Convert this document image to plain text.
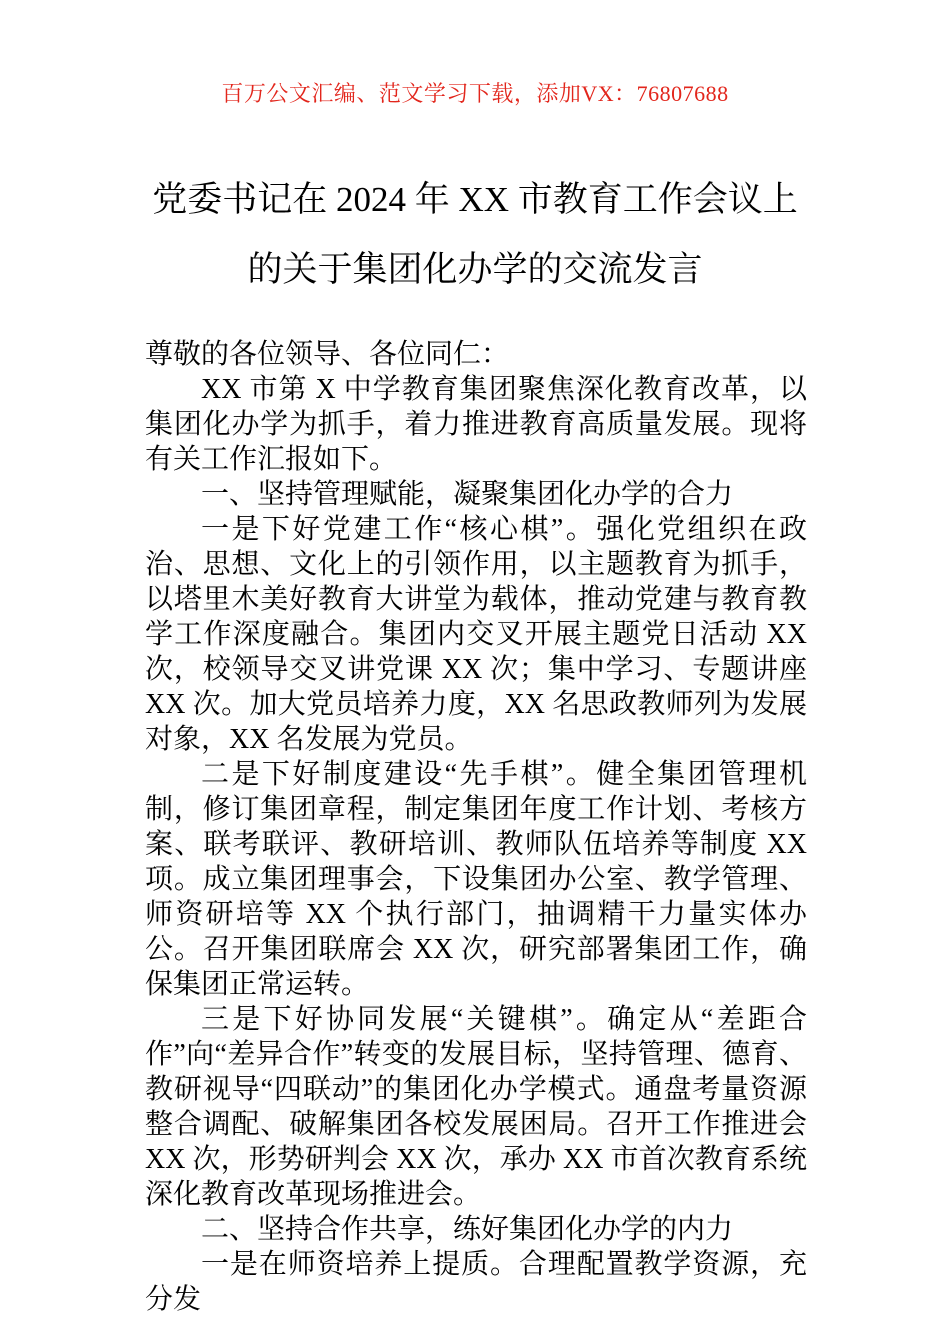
百万公文汇编、范文学习下载，添加VX：76807688
党委书记在 2024 年 XX 市教育工作会议上
的关于集团化办学的交流发言

尊敬的各位领导、各位同仁：

XX 市第 X 中学教育集团聚焦深化教育改革，以集团化办学为抓手，着力推进教育高质量发展。现将有关工作汇报如下。

一、坚持管理赋能，凝聚集团化办学的合力

一是下好党建工作“核心棋”。强化党组织在政治、思想、文化上的引领作用，以主题教育为抓手，以塔里木美好教育大讲堂为载体，推动党建与教育教学工作深度融合。集团内交叉开展主题党日活动 XX 次，校领导交叉讲党课 XX 次；集中学习、专题讲座 XX 次。加大党员培养力度，XX 名思政教师列为发展对象，XX 名发展为党员。

二是下好制度建设“先手棋”。健全集团管理机制，修订集团章程，制定集团年度工作计划、考核方案、联考联评、教研培训、教师队伍培养等制度 XX 项。成立集团理事会，下设集团办公室、教学管理、师资研培等 XX 个执行部门，抽调精干力量实体办公。召开集团联席会 XX 次，研究部署集团工作，确保集团正常运转。

三是下好协同发展“关键棋”。确定从“差距合作”向“差异合作”转变的发展目标，坚持管理、德育、教研视导“四联动”的集团化办学模式。通盘考量资源整合调配、破解集团各校发展困局。召开工作推进会 XX 次，形势研判会 XX 次，承办 XX 市首次教育系统深化教育改革现场推进会。

二、坚持合作共享，练好集团化办学的内力

一是在师资培养上提质。合理配置教学资源，充分发
